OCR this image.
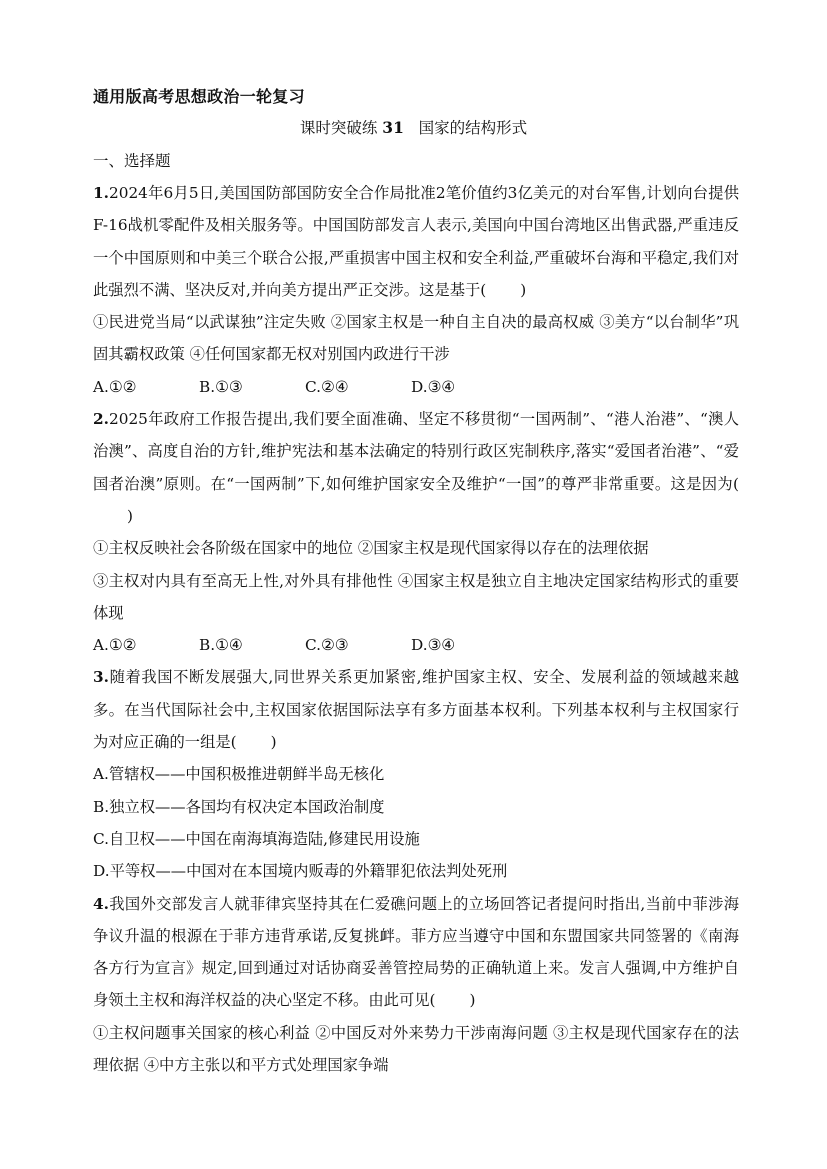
通用版高考思想政治一轮复习
课时突破练 31 国家的结构形式
一、选择题

1.2024年6月5日,美国国防部国防安全合作局批准2笔价值约3亿美元的对台军售,计划向台提供F-16战机零配件及相关服务等。中国国防部发言人表示,美国向中国台湾地区出售武器,严重违反一个中国原则和中美三个联合公报,严重损害中国主权和安全利益,严重破坏台海和平稳定,我们对此强烈不满、坚决反对,并向美方提出严正交涉。这是基于( )

①民进党当局“以武谋独”注定失败 ②国家主权是一种自主自决的最高权威 ③美方“以台制华”巩固其霸权政策 ④任何国家都无权对别国内政进行干涉

A.①②	B.①③	C.②④	D.③④

2.2025年政府工作报告提出,我们要全面准确、坚定不移贯彻“一国两制”、“港人治港”、“澳人治澳”、高度自治的方针,维护宪法和基本法确定的特别行政区宪制秩序,落实“爱国者治港”、“爱国者治澳”原则。在“一国两制”下,如何维护国家安全及维护“一国”的尊严非常重要。这是因为()

①主权反映社会各阶级在国家中的地位 ②国家主权是现代国家得以存在的法理依据

③主权对内具有至高无上性,对外具有排他性 ④国家主权是独立自主地决定国家结构形式的重要体现

A.①②	B.①④	C.②③	D.③④

3.随着我国不断发展强大,同世界关系更加紧密,维护国家主权、安全、发展利益的领域越来越多。在当代国际社会中,主权国家依据国际法享有多方面基本权利。下列基本权利与主权国家行为对应正确的一组是( )

A.管辖权——中国积极推进朝鲜半岛无核化

B.独立权——各国均有权决定本国政治制度

C.自卫权——中国在南海填海造陆,修建民用设施

D.平等权——中国对在本国境内贩毒的外籍罪犯依法判处死刑

4.我国外交部发言人就菲律宾坚持其在仁爱礁问题上的立场回答记者提问时指出,当前中菲涉海争议升温的根源在于菲方违背承诺,反复挑衅。菲方应当遵守中国和东盟国家共同签署的《南海各方行为宣言》规定,回到通过对话协商妥善管控局势的正确轨道上来。发言人强调,中方维护自身领土主权和海洋权益的决心坚定不移。由此可见( )

①主权问题事关国家的核心利益 ②中国反对外来势力干涉南海问题 ③主权是现代国家存在的法理依据 ④中方主张以和平方式处理国家争端
